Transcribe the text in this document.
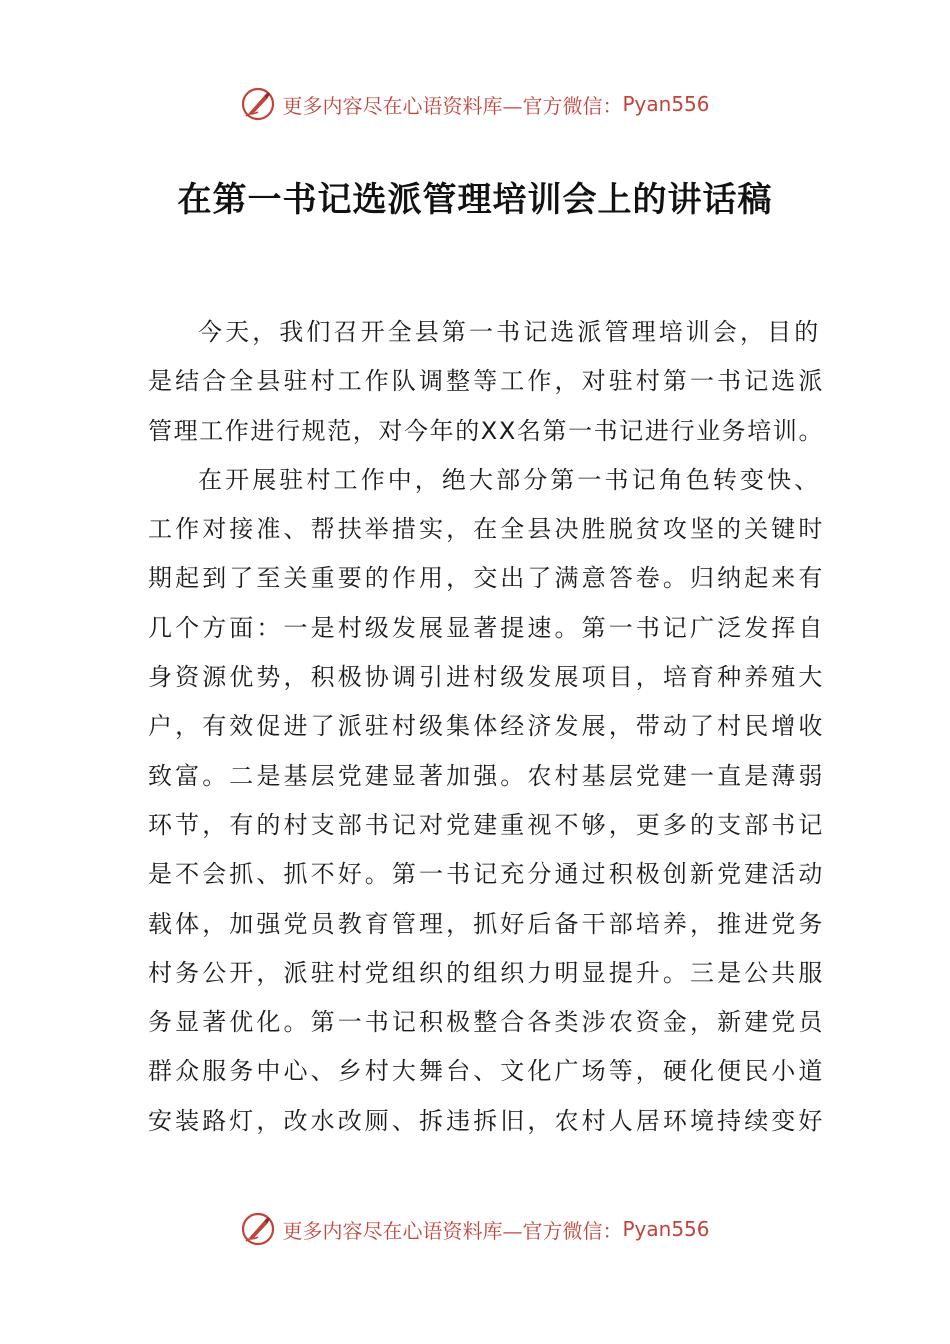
更多内容尽在心语资料库—官方微信： Pyan556
在第一书记选派管理培训会上的讲话稿
今天，我们召开全县第一书记选派管理培训会，目的
是结合全县驻村工作队调整等工作，对驻村第一书记选派
管理工作进行规范，对今年的XX名第一书记进行业务培训。
在开展驻村工作中，绝大部分第一书记角色转变快、
工作对接准、帮扶举措实，在全县决胜脱贫攻坚的关键时
期起到了至关重要的作用，交出了满意答卷。归纳起来有
几个方面：一是村级发展显著提速。第一书记广泛发挥自
身资源优势，积极协调引进村级发展项目，培育种养殖大
户，有效促进了派驻村级集体经济发展，带动了村民增收
致富。二是基层党建显著加强。农村基层党建一直是薄弱
环节，有的村支部书记对党建重视不够，更多的支部书记
是不会抓、抓不好。第一书记充分通过积极创新党建活动
载体，加强党员教育管理，抓好后备干部培养，推进党务
村务公开，派驻村党组织的组织力明显提升。三是公共服
务显著优化。第一书记积极整合各类涉农资金，新建党员
群众服务中心、乡村大舞台、文化广场等，硬化便民小道
安装路灯，改水改厕、拆违拆旧，农村人居环境持续变好
更多内容尽在心语资料库—官方微信： Pyan556
